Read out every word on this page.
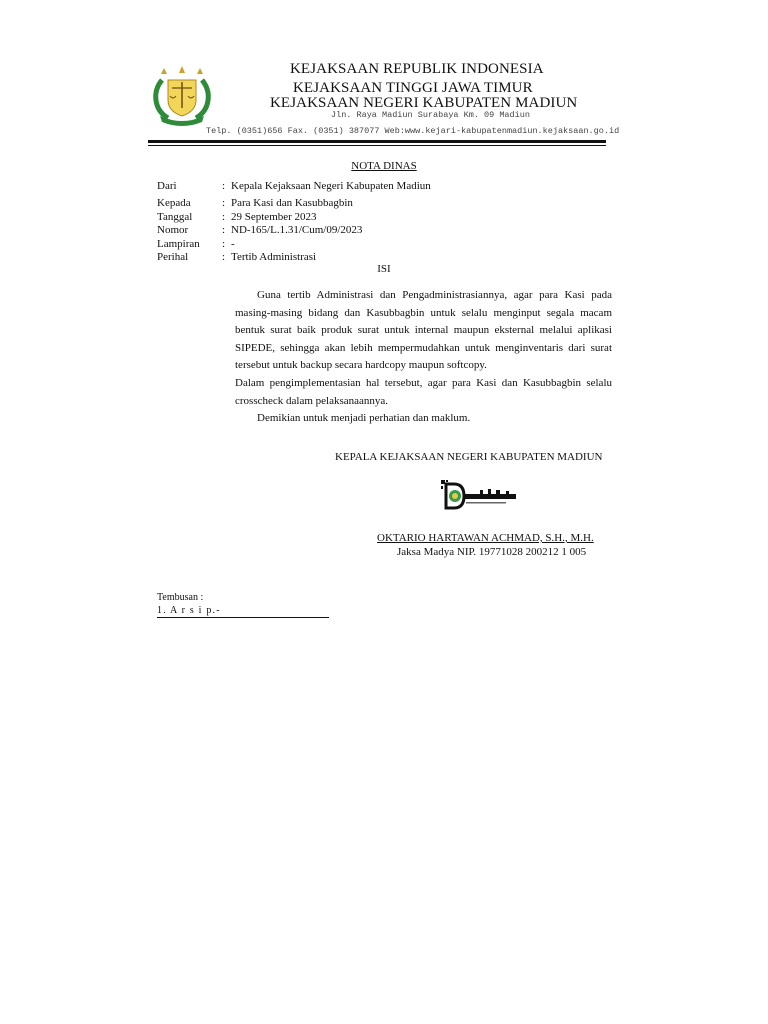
KEJAKSAAN REPUBLIK INDONESIA
KEJAKSAAN TINGGI JAWA TIMUR
KEJAKSAAN NEGERI KABUPATEN MADIUN
Jln. Raya Madiun Surabaya Km. 09 Madiun
Telp. (0351)656 Fax. (0351) 387077 Web:www.kejari-kabupatenmadiun.kejaksaan.go.id
NOTA DINAS
Dari	: Kepala Kejaksaan Negeri Kabupaten Madiun
Kepada	: Para Kasi dan Kasubbagbin
Tanggal	: 29 September 2023
Nomor	: ND-165/L.1.31/Cum/09/2023
Lampiran : -
Perihal	: Tertib Administrasi
ISI

Guna tertib Administrasi dan Pengadministrasiannya, agar para Kasi pada masing-masing bidang dan Kasubbagbin untuk selalu menginput segala macam bentuk surat baik produk surat untuk internal maupun eksternal melalui aplikasi SIPEDE, sehingga akan lebih mempermudahkan untuk menginventaris dari surat tersebut untuk backup secara hardcopy maupun softcopy.

Dalam pengimplementasian hal tersebut, agar para Kasi dan Kasubbagbin selalu crosscheck dalam pelaksanaannya.

Demikian untuk menjadi perhatian dan maklum.

KEPALA KEJAKSAAN NEGERI KABUPATEN MADIUN
OKTARIO HARTAWAN ACHMAD, S.H., M.H.
Jaksa Madya NIP. 19771028 200212 1 005
Tembusan :
1. A r s i p.-
